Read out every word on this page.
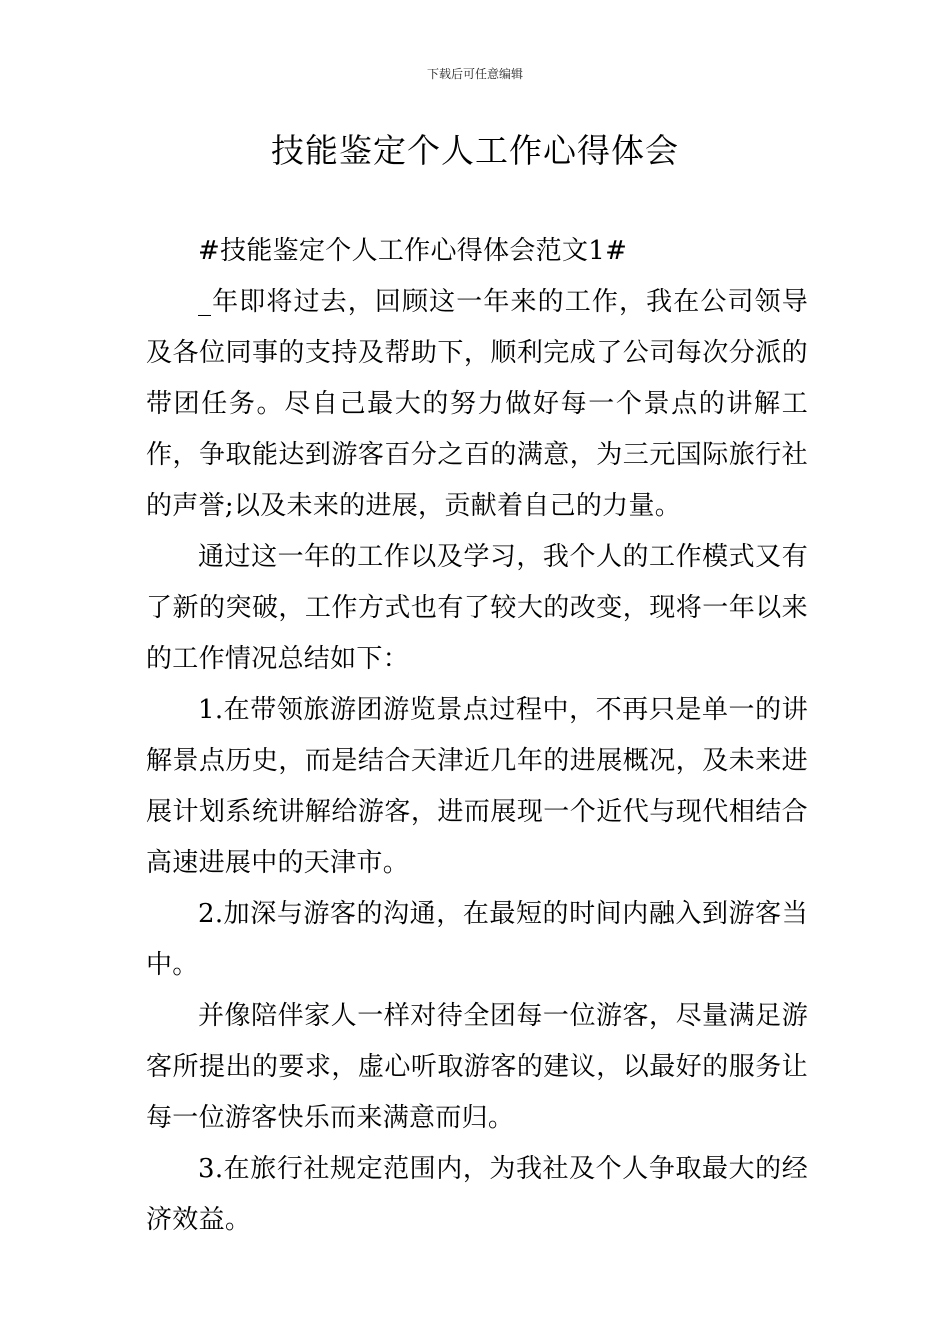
下载后可任意编辑
技能鉴定个人工作心得体会

#技能鉴定个人工作心得体会范文1#

_年即将过去，回顾这一年来的工作，我在公司领导及各位同事的支持及帮助下，顺利完成了公司每次分派的带团任务。尽自己最大的努力做好每一个景点的讲解工作，争取能达到游客百分之百的满意，为三元国际旅行社的声誉;以及未来的进展，贡献着自己的力量。

通过这一年的工作以及学习，我个人的工作模式又有了新的突破，工作方式也有了较大的改变，现将一年以来的工作情况总结如下：

1.在带领旅游团游览景点过程中，不再只是单一的讲解景点历史，而是结合天津近几年的进展概况，及未来进展计划系统讲解给游客，进而展现一个近代与现代相结合高速进展中的天津市。

2.加深与游客的沟通，在最短的时间内融入到游客当中。

并像陪伴家人一样对待全团每一位游客，尽量满足游客所提出的要求，虚心听取游客的建议，以最好的服务让每一位游客快乐而来满意而归。

3.在旅行社规定范围内，为我社及个人争取最大的经济效益。
